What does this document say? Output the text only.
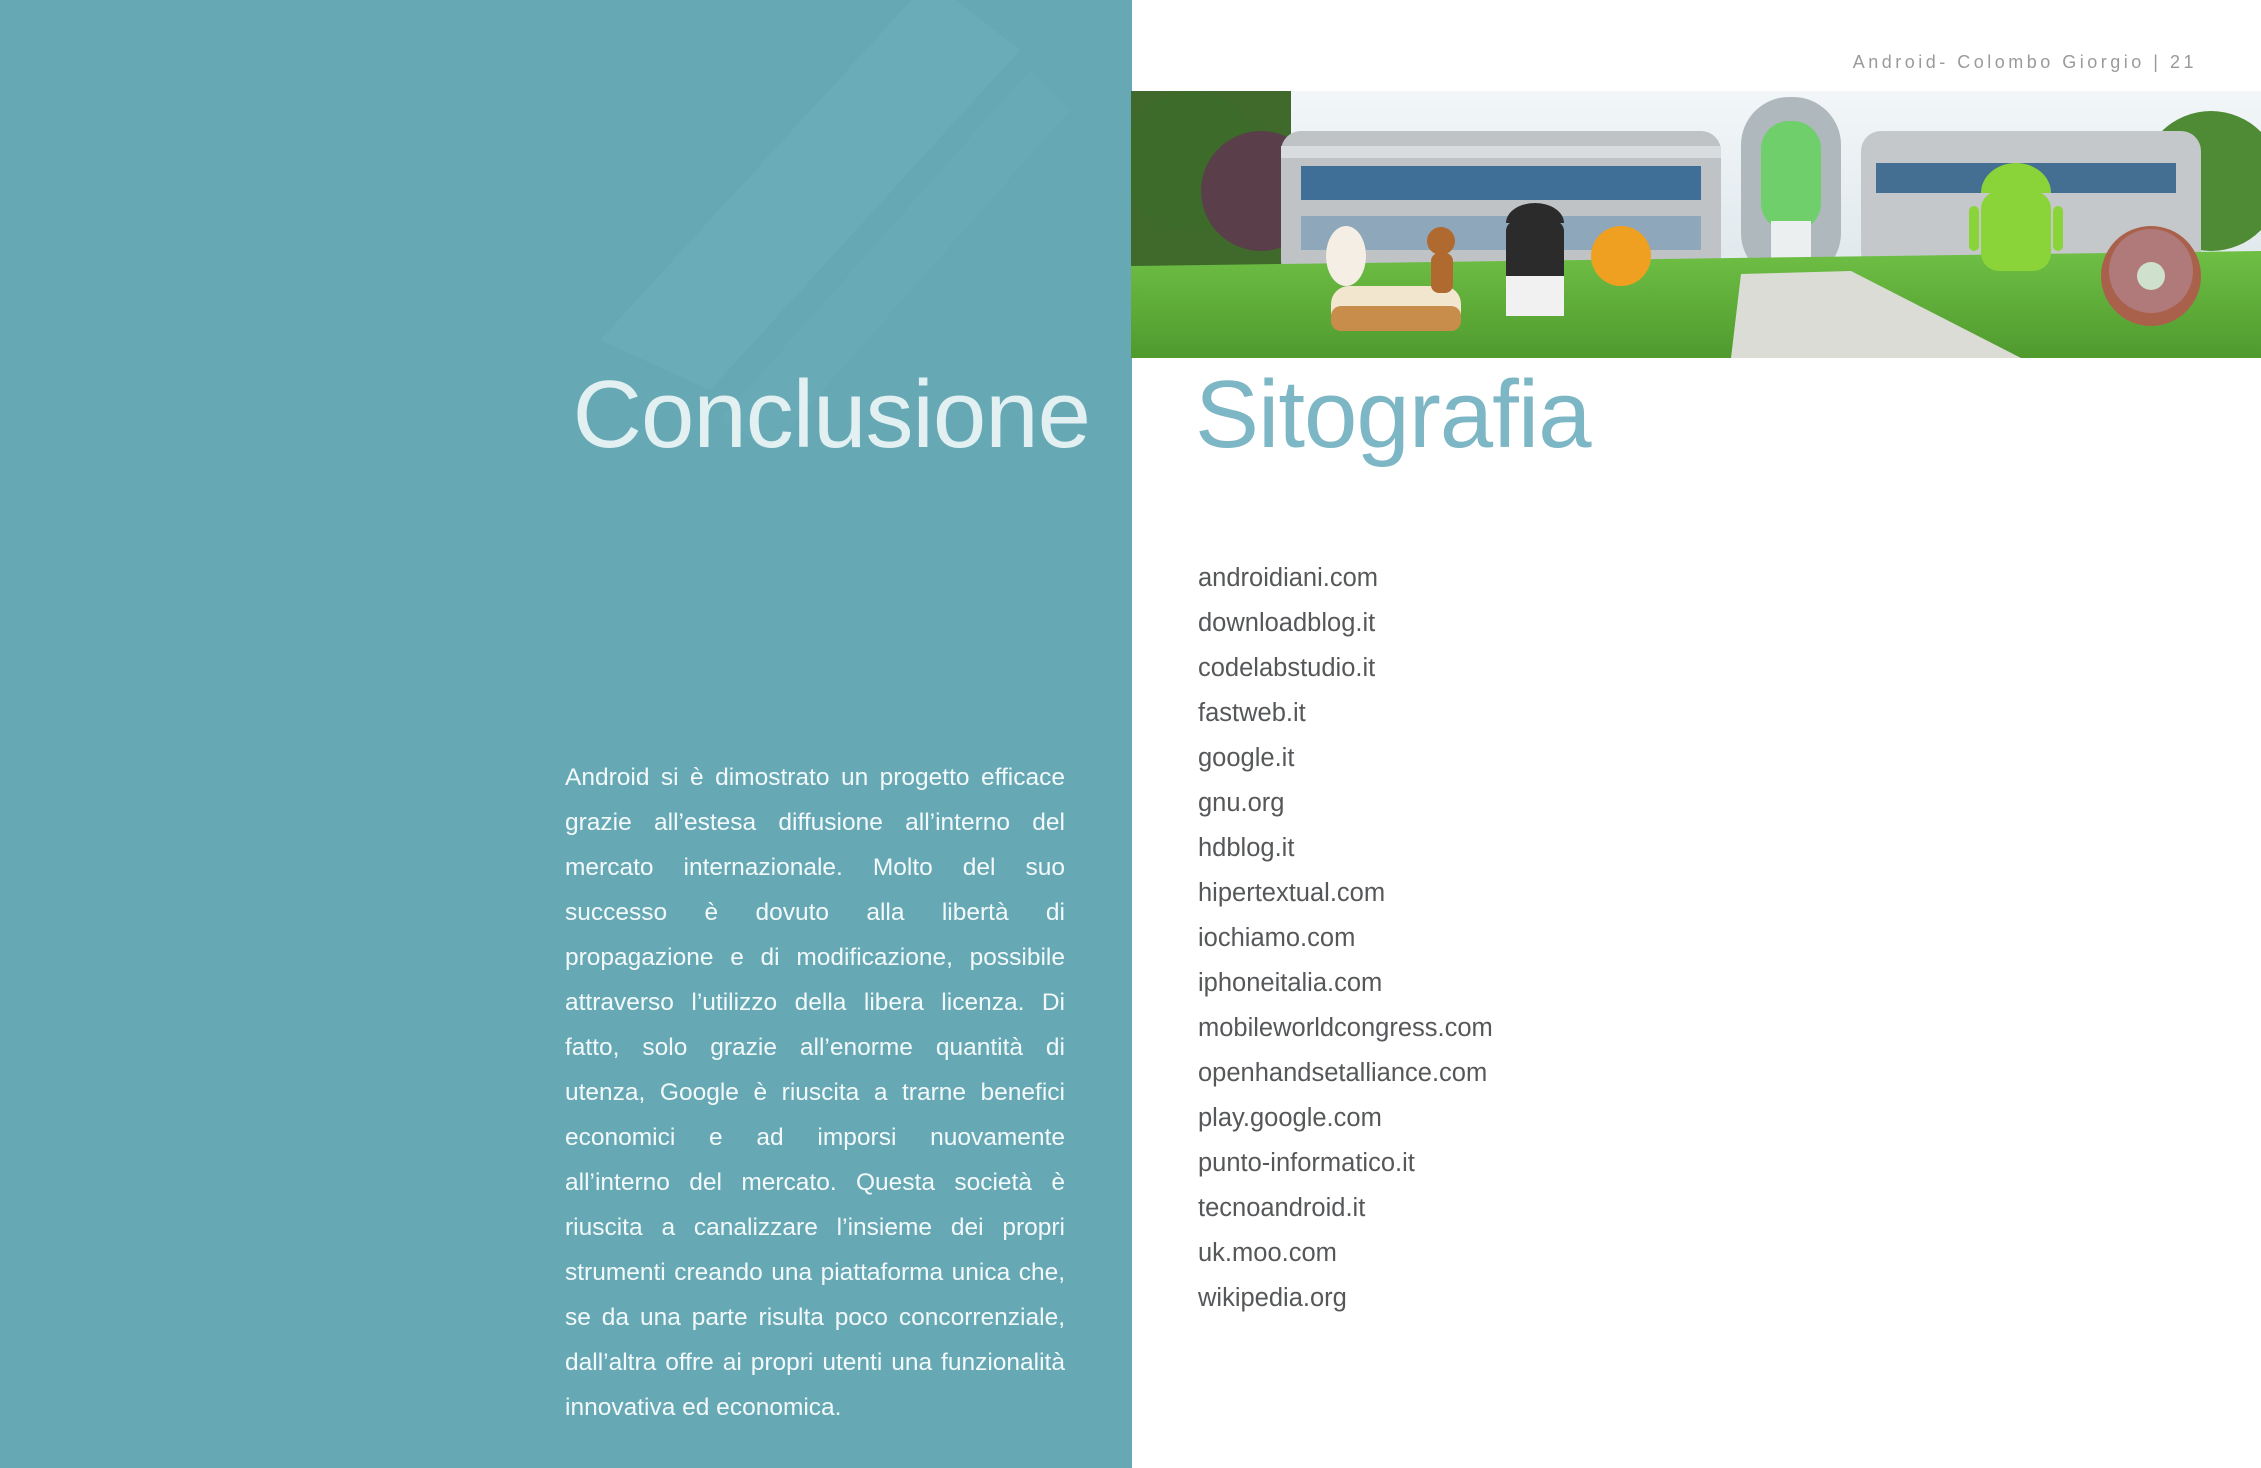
Conclusione

Android si è dimostrato un progetto efficace grazie all’estesa diffusione all’interno del mercato internazionale. Molto del suo successo è dovuto alla libertà di propagazione e di modificazione, possibile attraverso l’utilizzo della libera licenza. Di fatto, solo grazie all’enorme quantità di utenza, Google è riuscita a trarne benefici economici e ad imporsi nuovamente all’interno del mercato. Questa società è riuscita a canalizzare l’insieme dei propri strumenti creando una piattaforma unica che, se da una parte risulta poco concorrenziale, dall’altra offre ai propri utenti una funzionalità innovativa ed economica.

Android- Colombo Giorgio | 21
Sitografia
androidiani.com
downloadblog.it
codelabstudio.it
fastweb.it
google.it
gnu.org
hdblog.it
hipertextual.com
iochiamo.com
iphoneitalia.com
mobileworldcongress.com
openhandsetalliance.com
play.google.com
punto-informatico.it
tecnoandroid.it
uk.moo.com
wikipedia.org
